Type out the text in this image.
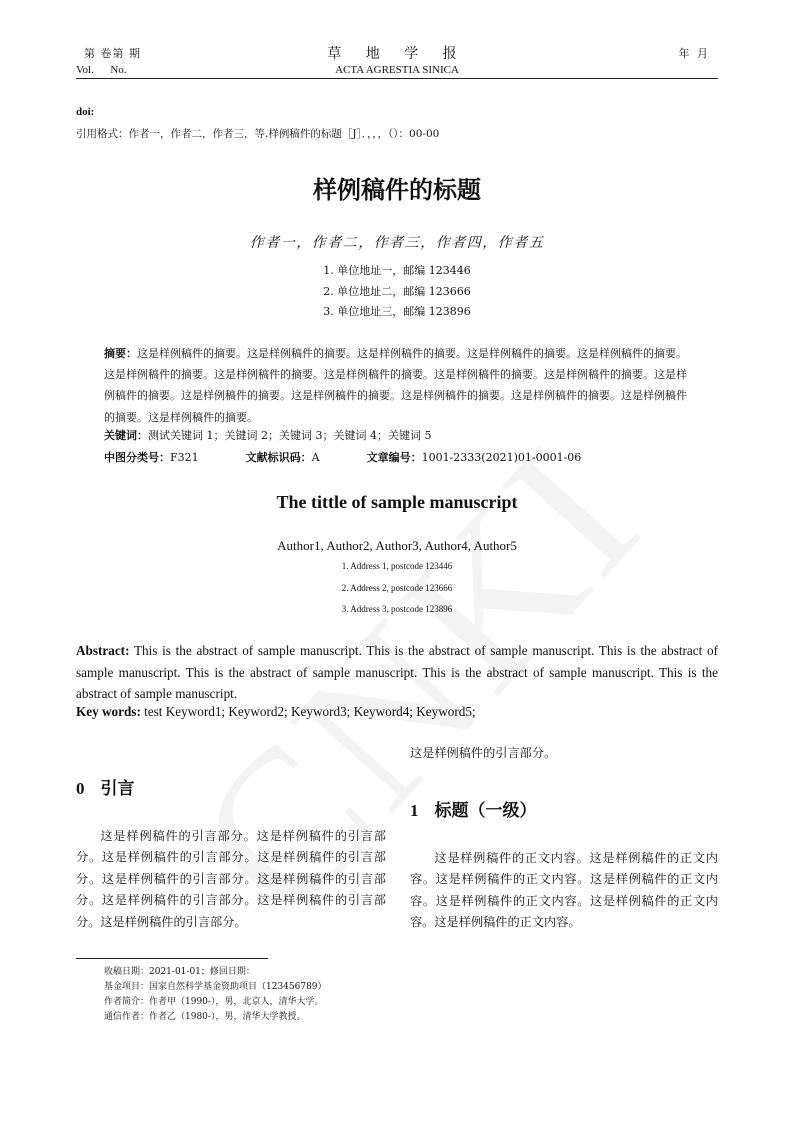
第 卷第 期	草 地 学 报	年 月
Vol.      No.	ACTA AGRESTIA SINICA
doi:
引用格式：作者一，作者二，作者三，等.样例稿件的标题［J］．，，，（）：00-00
样例稿件的标题
作者一，作者二，作者三，作者四，作者五
1. 单位地址一，邮编 123446
2. 单位地址二，邮编 123666
3. 单位地址三，邮编 123896
摘要：这是样例稿件的摘要。这是样例稿件的摘要。这是样例稿件的摘要。这是样例稿件的摘要。这是样例稿件的摘要。这是样例稿件的摘要。这是样例稿件的摘要。这是样例稿件的摘要。这是样例稿件的摘要。这是样例稿件的摘要。这是样例稿件的摘要。这是样例稿件的摘要。这是样例稿件的摘要。这是样例稿件的摘要。这是样例稿件的摘要。这是样例稿件的摘要。这是样例稿件的摘要。
关键词：测试关键词 1；关键词 2；关键词 3；关键词 4；关键词 5
中图分类号：F321	文献标识码：A	文章编号：1001-2333(2021)01-0001-06
The tittle of sample manuscript
Author1, Author2, Author3, Author4, Author5
1. Address 1, postcode 123446
2. Address 2, postcode 123666
3. Address 3, postcode 123896
Abstract: This is the abstract of sample manuscript. This is the abstract of sample manuscript. This is the abstract of sample manuscript. This is the abstract of sample manuscript. This is the abstract of sample manuscript. This is the abstract of sample manuscript.
Key words: test Keyword1; Keyword2; Keyword3; Keyword4; Keyword5;
0 引言
这是样例稿件的引言部分。这是样例稿件的引言部分。这是样例稿件的引言部分。这是样例稿件的引言部分。这是样例稿件的引言部分。这是样例稿件的引言部分。这是样例稿件的引言部分。这是样例稿件的引言部分。这是样例稿件的引言部分。
这是样例稿件的引言部分。
1 标题（一级）
这是样例稿件的正文内容。这是样例稿件的正文内容。这是样例稿件的正文内容。这是样例稿件的正文内容。这是样例稿件的正文内容。这是样例稿件的正文内容。这是样例稿件的正文内容。
收稿日期：2021-01-01；修回日期：
基金项目：国家自然科学基金资助项目（123456789）
作者简介：作者甲（1990-），男，北京人，清华大学。
通信作者：作者乙（1980-），男，清华大学教授。
